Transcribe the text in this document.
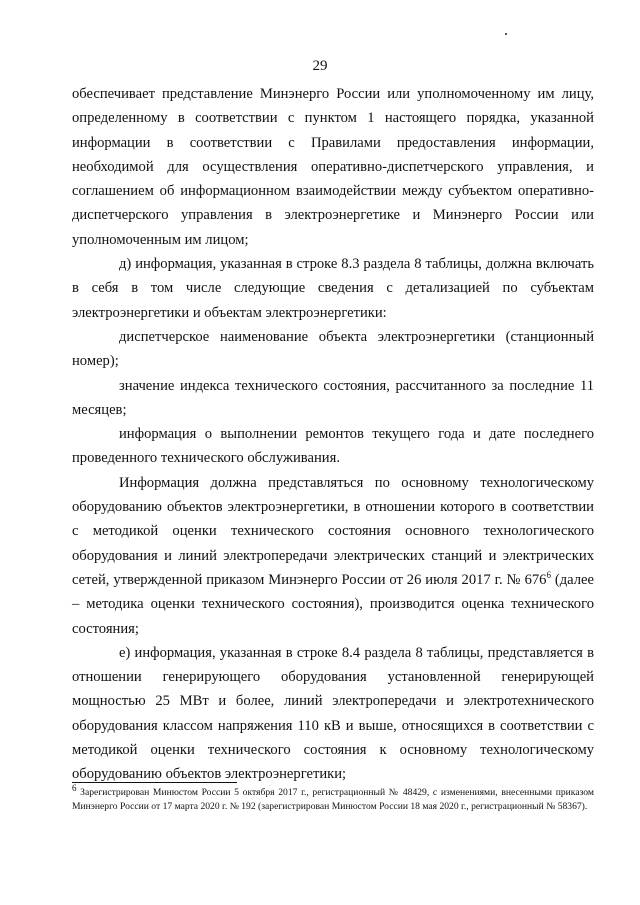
29

обеспечивает представление Минэнерго России или уполномоченному им лицу, определенному в соответствии с пунктом 1 настоящего порядка, указанной информации в соответствии с Правилами предоставления информации, необходимой для осуществления оперативно-диспетчерского управления, и соглашением об информационном взаимодействии между субъектом оперативно-диспетчерского управления в электроэнергетике и Минэнерго России или уполномоченным им лицом;

д) информация, указанная в строке 8.3 раздела 8 таблицы, должна включать в себя в том числе следующие сведения с детализацией по субъектам электроэнергетики и объектам электроэнергетики:

диспетчерское наименование объекта электроэнергетики (станционный номер);

значение индекса технического состояния, рассчитанного за последние 11 месяцев;

информация о выполнении ремонтов текущего года и дате последнего проведенного технического обслуживания.

Информация должна представляться по основному технологическому оборудованию объектов электроэнергетики, в отношении которого в соответствии с методикой оценки технического состояния основного технологического оборудования и линий электропередачи электрических станций и электрических сетей, утвержденной приказом Минэнерго России от 26 июля 2017 г. № $676^6$ (далее – методика оценки технического состояния), производится оценка технического состояния;

е) информация, указанная в строке 8.4 раздела 8 таблицы, представляется в отношении генерирующего оборудования установленной генерирующей мощностью 25 МВт и более, линий электропередачи и электротехнического оборудования классом напряжения 110 кВ и выше, относящихся в соответствии с методикой оценки технического состояния к основному технологическому оборудованию объектов электроэнергетики;

$^6$ Зарегистрирован Минюстом России 5 октября 2017 г., регистрационный № 48429, с изменениями, внесенными приказом Минэнерго России от 17 марта 2020 г. № 192 (зарегистрирован Минюстом России 18 мая 2020 г., регистрационный № 58367).
